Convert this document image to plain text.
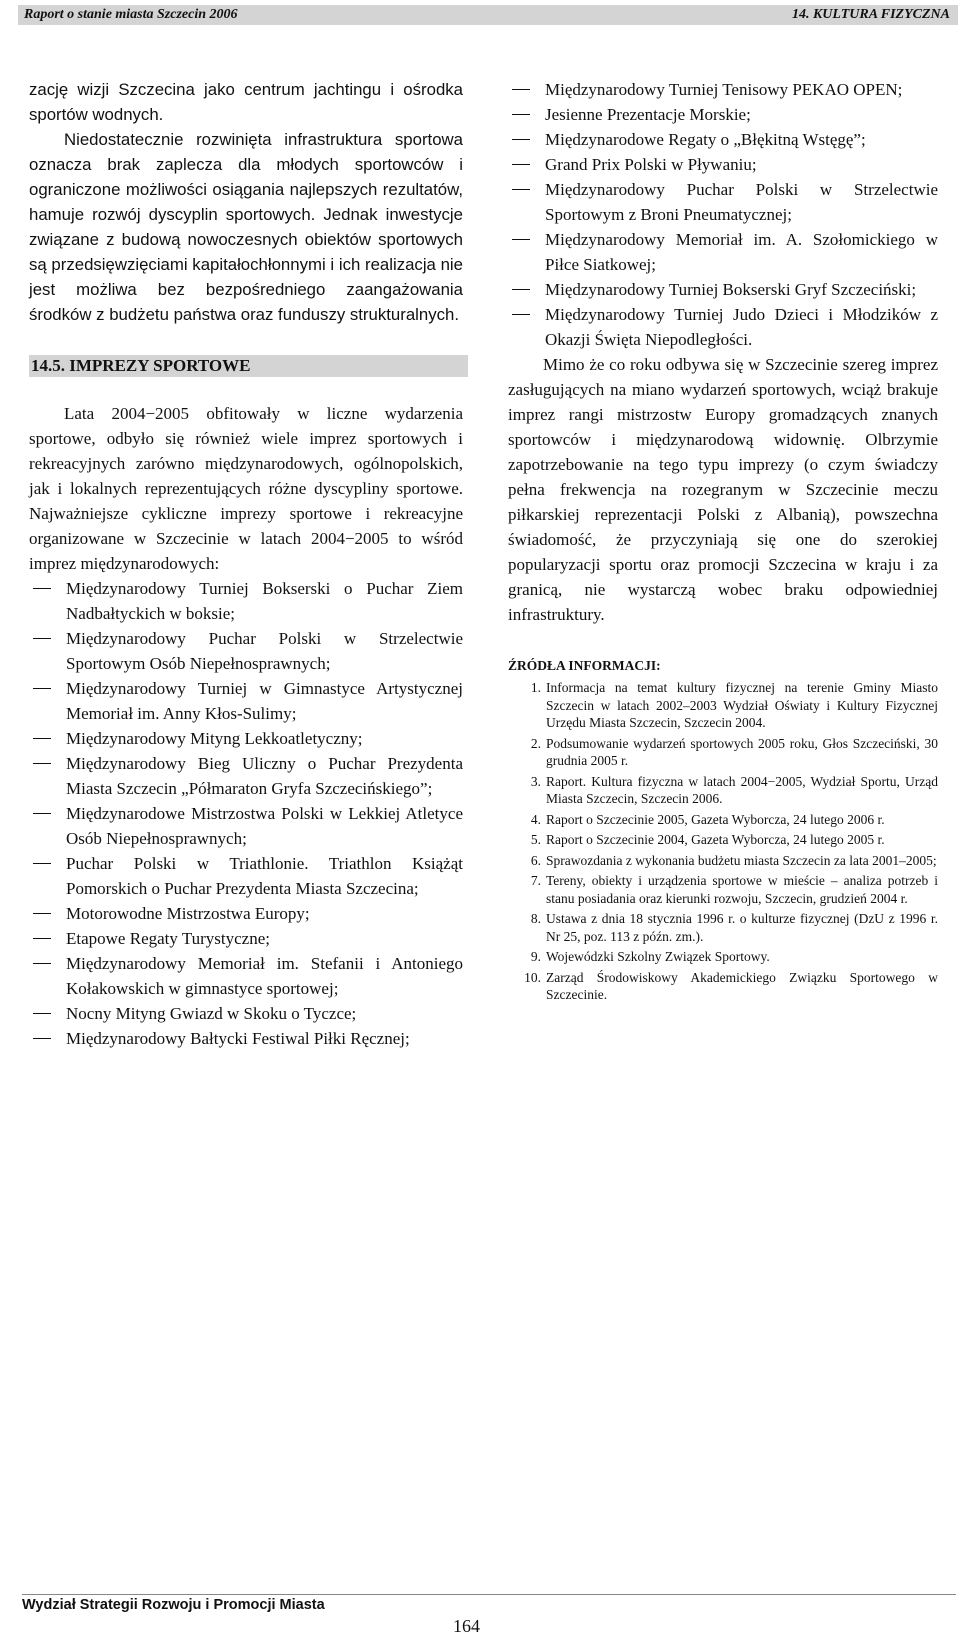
Raport o stanie miasta Szczecin 2006	14. KULTURA FIZYCZNA

zację wizji Szczecina jako centrum jachtingu i ośrodka sportów wodnych.

Niedostatecznie rozwinięta infrastruktura sportowa oznacza brak zaplecza dla młodych sportowców i ograniczone możliwości osiągania najlepszych rezultatów, hamuje rozwój dyscyplin sportowych. Jednak inwestycje związane z budową nowoczesnych obiektów sportowych są przedsięwzięciami kapitałochłonnymi i ich realizacja nie jest możliwa bez bezpośredniego zaangażowania środków z budżetu państwa oraz funduszy strukturalnych.

14.5. IMPREZY SPORTOWE

Lata 2004−2005 obfitowały w liczne wydarzenia sportowe, odbyło się również wiele imprez sportowych i rekreacyjnych zarówno międzynarodowych, ogólnopolskich, jak i lokalnych reprezentujących różne dyscypliny sportowe. Najważniejsze cykliczne imprezy sportowe i rekreacyjne organizowane w Szczecinie w latach 2004−2005 to wśród imprez międzynarodowych:

Międzynarodowy Turniej Bokserski o Puchar Ziem Nadbałtyckich w boksie;
Międzynarodowy Puchar Polski w Strzelectwie Sportowym Osób Niepełnosprawnych;
Międzynarodowy Turniej w Gimnastyce Artystycznej Memoriał im. Anny Kłos-Sulimy;
Międzynarodowy Mityng Lekkoatletyczny;
Międzynarodowy Bieg Uliczny o Puchar Prezydenta Miasta Szczecin „Półmaraton Gryfa Szczecińskiego”;
Międzynarodowe Mistrzostwa Polski w Lekkiej Atletyce Osób Niepełnosprawnych;
Puchar Polski w Triathlonie. Triathlon Książąt Pomorskich o Puchar Prezydenta Miasta Szczecina;
Motorowodne Mistrzostwa Europy;
Etapowe Regaty Turystyczne;
Międzynarodowy Memoriał im. Stefanii i Antoniego Kołakowskich w gimnastyce sportowej;
Nocny Mityng Gwiazd w Skoku o Tyczce;
Międzynarodowy Bałtycki Festiwal Piłki Ręcznej;
Międzynarodowy Turniej Tenisowy PEKAO OPEN;
Jesienne Prezentacje Morskie;
Międzynarodowe Regaty o „Błękitną Wstęgę”;
Grand Prix Polski w Pływaniu;
Międzynarodowy Puchar Polski w Strzelectwie Sportowym z Broni Pneumatycznej;
Międzynarodowy Memoriał im. A. Szołomickiego w Piłce Siatkowej;
Międzynarodowy Turniej Bokserski Gryf Szczeciński;
Międzynarodowy Turniej Judo Dzieci i Młodzików z Okazji Święta Niepodległości.

Mimo że co roku odbywa się w Szczecinie szereg imprez zasługujących na miano wydarzeń sportowych, wciąż brakuje imprez rangi mistrzostw Europy gromadzących znanych sportowców i międzynarodową widownię. Olbrzymie zapotrzebowanie na tego typu imprezy (o czym świadczy pełna frekwencja na rozegranym w Szczecinie meczu piłkarskiej reprezentacji Polski z Albanią), powszechna świadomość, że przyczyniają się one do szerokiej popularyzacji sportu oraz promocji Szczecina w kraju i za granicą, nie wystarczą wobec braku odpowiedniej infrastruktury.

ŹRÓDŁA INFORMACJI:
1. Informacja na temat kultury fizycznej na terenie Gminy Miasto Szczecin w latach 2002–2003 Wydział Oświaty i Kultury Fizycznej Urzędu Miasta Szczecin, Szczecin 2004.
2. Podsumowanie wydarzeń sportowych 2005 roku, Głos Szczeciński, 30 grudnia 2005 r.
3. Raport. Kultura fizyczna w latach 2004−2005, Wydział Sportu, Urząd Miasta Szczecin, Szczecin 2006.
4. Raport o Szczecinie 2005, Gazeta Wyborcza, 24 lutego 2006 r.
5. Raport o Szczecinie 2004, Gazeta Wyborcza, 24 lutego 2005 r.
6. Sprawozdania z wykonania budżetu miasta Szczecin za lata 2001–2005;
7. Tereny, obiekty i urządzenia sportowe w mieście – analiza potrzeb i stanu posiadania oraz kierunki rozwoju, Szczecin, grudzień 2004 r.
8. Ustawa z dnia 18 stycznia 1996 r. o kulturze fizycznej (DzU z 1996 r. Nr 25, poz. 113 z późn. zm.).
9. Wojewódzki Szkolny Związek Sportowy.
10. Zarząd Środowiskowy Akademickiego Związku Sportowego w Szczecinie.
Wydział Strategii Rozwoju i Promocji Miasta
164
